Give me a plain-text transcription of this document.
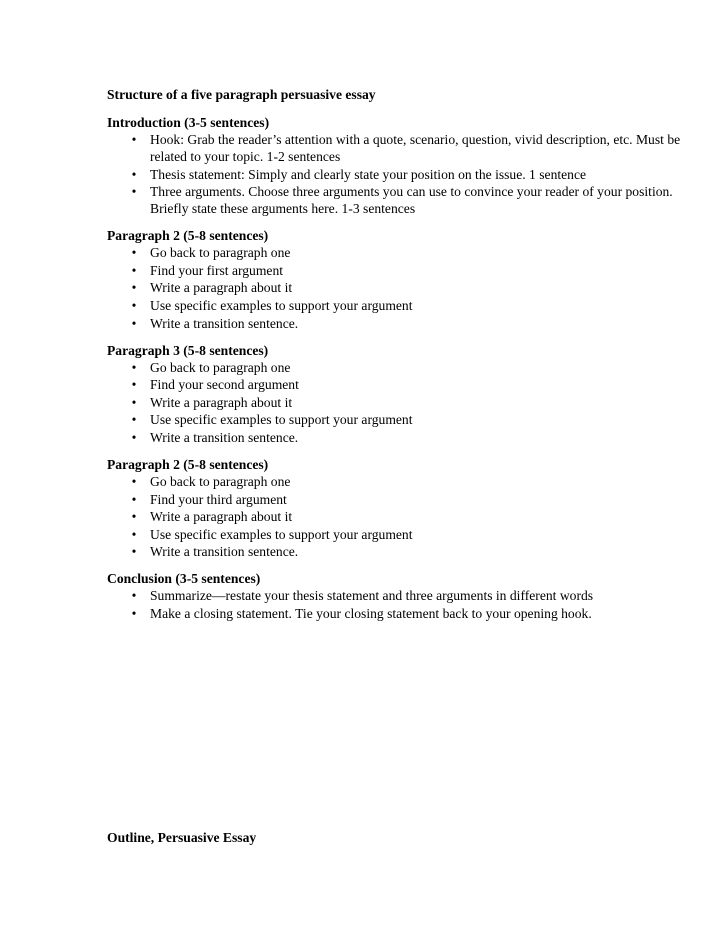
Structure of a five paragraph persuasive essay

Introduction (3-5 sentences)

• Hook: Grab the reader’s attention with a quote, scenario, question, vivid description, etc. Must be related to your topic. 1-2 sentences
• Thesis statement: Simply and clearly state your position on the issue. 1 sentence
• Three arguments. Choose three arguments you can use to convince your reader of your position. Briefly state these arguments here. 1-3 sentences

Paragraph 2 (5-8 sentences)

• Go back to paragraph one
• Find your first argument
• Write a paragraph about it
• Use specific examples to support your argument
• Write a transition sentence.

Paragraph 3 (5-8 sentences)

• Go back to paragraph one
• Find your second argument
• Write a paragraph about it
• Use specific examples to support your argument
• Write a transition sentence.

Paragraph 2 (5-8 sentences)

• Go back to paragraph one
• Find your third argument
• Write a paragraph about it
• Use specific examples to support your argument
• Write a transition sentence.

Conclusion (3-5 sentences)

• Summarize—restate your thesis statement and three arguments in different words
• Make a closing statement. Tie your closing statement back to your opening hook.

Outline, Persuasive Essay
